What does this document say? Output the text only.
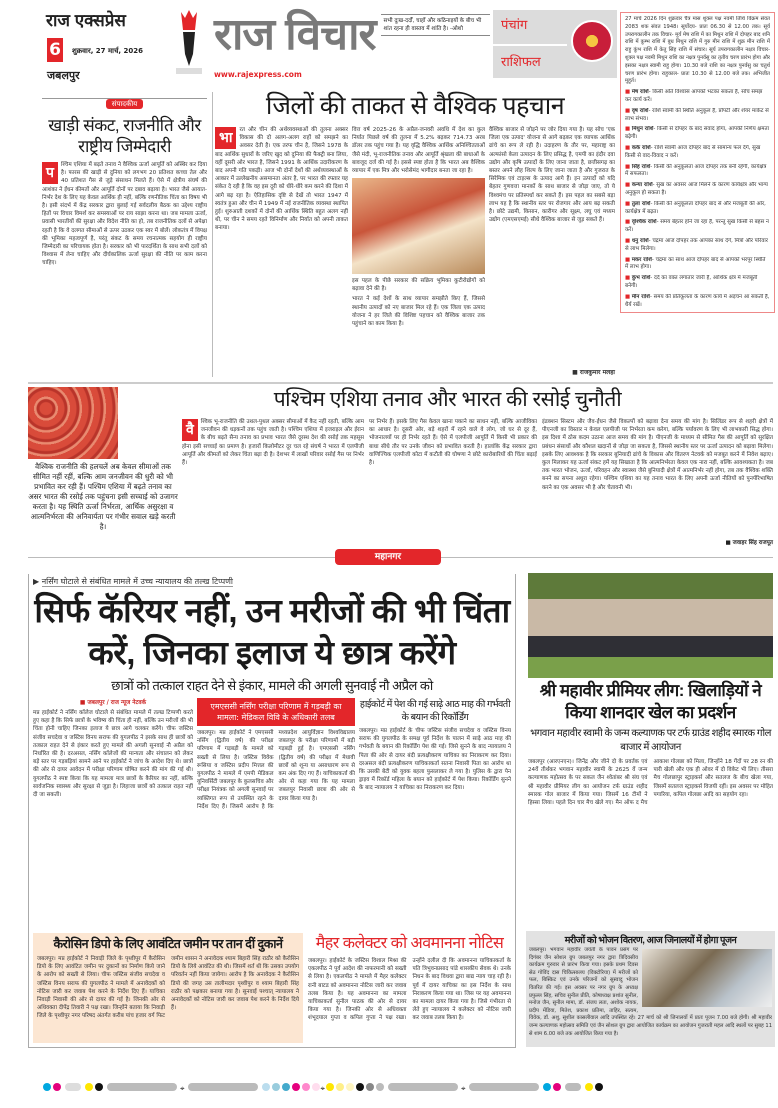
राज एक्सप्रेस
6 शुक्रवार, 27 मार्च, 2026
जबलपुर
राज विचार
www.rajexpress.com
सभी दुःख-दर्दों, चाहों और कठिनाइयों के बीच भी शांत रहना ही वास्तव में शांति है। -ओशो	पंचांग
राशिफल
27 मार्च 2026 दिन शुक्रवार चैत्र मास शुक्ल पक्ष नवमी तिथि विक्रम संवत 2083 शक संवत 1948। सूर्योदय- प्रातः 06.30 से 12.00 तक। सूर्य उपरागकालीन तक विचार- मूर्य मेष राशि में का मिथुन राशि में दोपहर बाद शनि राशि में कुम्भ राशि में बुध मिथुन राशि में गुरु मीन राशि में शुक्र मीन राशि में राहु कुंभ राशि में केतु सिंह राशि में संचार। सूर्य उपरागकालीन नक्षत्र विचार- शुक्ल पक्ष नवमी मिथुन राशि का नक्षत्र पुनर्वसु का तृतीय चरण प्रारंभ होगा और इसका नक्षत्र स्वामी राहु होगा। 10.30 बजे राशि का नक्षत्र पुनर्वसु का चतुर्थ चरण प्रारंभ होगा। राहुकाल- प्रातः 10.30 से 12.00 बजे तक। अभिजीत मुहूर्त।
■ मेष राशि- किसी अति विश्वास आपको भटका सकता है, सोच समझ कर कार्य करें।
■ वृष राशि- राशि स्वामी की स्थिति अनुकूल है, प्रॉपर्टी और शेयर मार्केट से लाभ संभव।
■ मिथुन राशि- किसी से दोपहर के बाद संवाद होगा, आपकी निर्णय क्षमता बढ़ेगी।
■ कर्क राशि- राशि स्वामी आज दोपहर बाद से सामान्य फल देंगे, सुख किसी से वाद-विवाद न करें।
■ सिंह राशि- किसी की अनुकूलता आज दोपहर तक बनी रहेगी, कार्यक्षेत्र में सफलता।
■ कन्या राशि- सुख का अवसर आज मिलने के कारण कार्यक्षेत्र और भाग्य अनुकूल हो सकता है।
■ तुला राशि- किसी की अनुकूलता दोपहर बाद से और मजबूती की ओर, कार्यक्षेत्र में बढ़त।
■ वृश्चिक राशि- समय बेहतर होने जा रहा है, परन्तु सुख किसी से बहस न करें।
■ धनु राशि- चंद्रमा आज दोपहर तक आपका साथ देंगे, मित्रों और परिवार से लाभ मिलेगा।
■ मकर राशि- चंद्रमा का साथ आज दोपहर बाद से आपको भरपूर स्थिति में लाभ होगा।
■ कुंभ राशि- दर्द का वक्त लगातार जारी है, आर्थिक क्षेत्र में मजबूती बनेगी।
■ मीन राशि- समय की प्रतिकूलता के कारण कार्य में अड़चन आ सकती है, धैर्य रखें।
संपादकीय
खाड़ी संकट, राजनीति और राष्ट्रीय जिम्मेदारी
प	श्चिम एशिया में बढ़ते तनाव ने वैश्विक ऊर्जा आपूर्ति को अस्थिर कर दिया है। फारस की खाड़ी से दुनिया को लगभग 20 प्रतिशत कच्चा तेल और 40 प्रतिशत गैस से जुड़े संसाधन मिलते हैं। ऐसे में क्षेत्रीय संघर्ष की आशंका ने ईंधन कीमतों और आपूर्ति दोनों पर दबाव बढ़ाया है। भारत जैसे आयात-निर्भर देश के लिए यह केवल आर्थिक ही नहीं, बल्कि रणनीतिक चिंता का विषय भी है। इसी संदर्भ में केंद्र सरकार द्वारा बुलाई गई सर्वदलीय बैठक का उद्देश्य राष्ट्रीय हितों पर विचार विमर्श कर समस्याओं पर राय साझा करना था। जब मामला ऊर्जा, प्रवासी भारतीयों की सुरक्षा और विदेश नीति का हो, तब राजनीतिक दलों से अपेक्षा रहती है कि वे दलगत सीमाओं से ऊपर उठकर एक स्वर में बोलें। लोकतंत्र में विपक्ष की भूमिका महत्वपूर्ण है, परंतु संकट के समय रचनात्मक सहयोग ही राष्ट्रीय जिम्मेदारी का परिचायक होता है। सरकार को भी पारदर्शिता के साथ सभी दलों को विश्वास में लेना चाहिए और दीर्घकालिक ऊर्जा सुरक्षा की नीति पर काम करना चाहिए।
जिलों की ताकत से वैश्विक पहचान
भा	रत और चीन की अर्थव्यवस्थाओं की तुलना अक्सर विकास की दो अलग-अलग राहों को समझने का अवसर देती है। एक तरफ चीन है, जिसने 1978 के बाद आर्थिक सुधारों के जरिए खुद को दुनिया की फैक्ट्री बना लिया, वहीं दूसरी ओर भारत है, जिसने 1991 के आर्थिक उदारीकरण के बाद अपनी गति पकड़ी। आज भी दोनों देशों की अर्थव्यवस्थाओं के आकार में उल्लेखनीय असमानता अंतर है, पर भारत की रफ्तार यह संकेत दे रही है कि वह इस दूरी को धीरे-धीरे कम करने की दिशा में आगे बढ़ रहा है। ऐतिहासिक दृष्टि से देखें तो भारत 1947 में स्वतंत्र हुआ और चीन में 1949 में नई राजनीतिक व्यवस्था स्थापित हुई। शुरुआती दशकों में दोनों की आर्थिक स्थिति बहुत अलग नहीं थी, पर चीन ने समय रहते विनिर्माण और निर्यात को अपनी ताकत बनाया।
वित्त वर्ष 2025-26 के अप्रैल-जनवरी अवधि में देश का कुल निर्यात पिछले वर्ष की तुलना में 5.2% बढ़कर 714.73 अरब डॉलर तक पहुंच गया है। यह वृद्धि वैश्विक आर्थिक अनिश्चितताओं जैसे मंदी, भू-राजनीतिक तनाव और आपूर्ति श्रृंखला की बाधाओं के बावजूद दर्ज की गई है। इससे स्पष्ट होता है कि भारत अब वैश्विक व्यापार में एक मित्र और भरोसेमंद भागीदार बनता जा रहा है।
इस पहल के पीछे सरकार की सक्रिय भूमिका कुटीरोद्योगों को बढ़ावा देने की है।
भारत ने कई देशों के साथ व्यापार समझौते किए हैं, जिससे स्थानीय उत्पादों को नए बाजार मिल रहे हैं। एक जिला एक उत्पाद योजना ने हर जिले की विशिष्ट पहचान को वैश्विक बाजार तक पहुंचाने का काम किया है।
वैश्विक बाजार से जोड़ने पर जोर दिया गया है। यह सोच 'एक जिला एक उत्पाद' योजना से आगे बढ़कर एक व्यापक आर्थिक ढांचे का रूप ले रही है। उदाहरण के तौर पर, महाराष्ट्र का अल्फांसो केला उत्पादन के लिए प्रसिद्ध है, एमपी का इंदौर दवा उद्योग और कृषि उत्पादों के लिए जाना जाता है, छत्तीसगढ़ का बस्तर अपने लौह शिल्प के लिए जाना जाता है और गुजरात के सिरेमिक एवं टाइल्स के उत्पाद आगे हैं। इन उत्पादों को यदि बेहतर गुणवत्ता मानकों के साथ बाजार से जोड़ा जाए, तो ये विश्वमंच पर प्रतिस्पर्धा कर सकते हैं। इस पहल का सबसे बड़ा लाभ यह है कि स्थानीय स्तर पर रोजगार और आय बढ़ सकती है। छोटे उद्यमी, किसान, कारीगर और सूक्ष्म, लघु एवं मध्यम उद्योग (एमएसएमई) सीधे वैश्विक बाजार से जुड़ सकते हैं।
■ राजकुमार मलहा
वैश्विक राजनीति की हलचलें अब केवल सीमाओं तक सीमित नहीं रहीं, बल्कि आम जनजीवन की धुरी को भी प्रभावित कर रही हैं। पश्चिम एशिया में बढ़ते तनाव का असर भारत की रसोई तक पहुंचना इसी सच्चाई को उजागर करता है। यह स्थिति ऊर्जा निर्भरता, आर्थिक असुरक्षा व आत्मनिर्भरता की अनिवार्यता पर गंभीर सवाल खड़े करती है।
पश्चिम एशिया तनाव और भारत की रसोई चुनौती
वै	श्विक भू-राजनीति की उथल-पुथल अक्सर सीमाओं में कैद नहीं रहती, बल्कि आम जनजीवन की धड़कनों तक पहुंच जाती है। पश्चिम एशिया में इजराइल और ईरान के बीच बढ़ते सैन्य तनाव का प्रभाव भारत जैसे दूरस्थ देश की रसोई तक महसूस होना इसी सच्चाई का प्रमाण है। हजारों किलोमीटर दूर चल रहे संघर्ष ने भारत में एलपीजी आपूर्ति और कीमतों को लेकर चिंता बढ़ा दी है। देशभर में लाखों परिवार रसोई गैस पर निर्भर हैं।
पर निर्भर हैं। इसके लिए गैस केवल खाना पकाने का साधन नहीं, बल्कि आजीविका का आधार है। दूसरी ओर, बड़े शहरों में रहने वाले वे लोग, जो घर से दूर हैं, भोजनालयों पर ही निर्भर रहते हैं। ऐसे में एलपीजी आपूर्ति में किसी भी प्रकार की बाधा सीधे तौर पर उनके जीवन को प्रभावित करती है। हालांकि केंद्र सरकार द्वारा वाणिज्यिक एलपीजी कोटा में कटौती की घोषणा ने छोटे कारोबारियों की चिंता बढ़ाई है।
इंडक्शन सिस्टम और जैव-ईंधन जैसे विकल्पों को बढ़ावा देना समय की मांग है। सिलिंडर रूप से शहरी क्षेत्रों में पीएनजी का विस्तार न केवल एलपीजी पर निर्भरता कम करेगा, बल्कि पर्यावरण के लिए भी लाभकारी सिद्ध होगा। इस दिशा में ठोस कदम उठाना आज समय की मांग है। पीएनजी के माध्यम से सीमित गैस की आपूर्ति को सुरक्षित प्रबंधन संसाधों और कौशल खदानों से जोड़ा जा सकता है, जिससे स्थानीय स्तर पर ऊर्जा उत्पादन को बढ़ावा मिलेगा। इसके लिए आवश्यक है कि सरकार बुनियादी ढांचे के विकास और वितरण नेटवर्क को मजबूत करने में निवेश बढ़ाए। कुल मिलाकर यह ऊर्जा संकट हमें यह सिखाता है कि आत्मनिर्भरता केवल एक नारा नहीं, बल्कि आवश्यकता है। जब तक भारत भोजन, ऊर्जा, परिवहन और स्वास्थ्य जैसे बुनियादी क्षेत्रों में आत्मनिर्भर नहीं होगा, तब तक वैश्विक शक्ति बनने का सपना अधूरा रहेगा। पश्चिम एशिया का यह तनाव भारत के लिए अपनी ऊर्जा नीतियों को पुनर्परिभाषित करने का एक अवसर भी है और चेतावनी भी।
■ जवाहर सिंह राजपूत
महानगर
▶ नर्सिंग घोटाले से संबंधित मामले में उच्च न्यायालय की तल्ख टिप्पणी
सिर्फ कॅरियर नहीं, उन मरीजों की भी चिंता करें, जिनका इलाज ये छात्र करेंगे
छात्रों को तत्काल राहत देने से इंकार, मामले की अगली सुनवाई नौ अप्रैल को
■ जबलपुर / राज न्यूज नेटवर्क
मप्र हाईकोर्ट ने नर्सिंग कॉलेज घोटाले से संबंधित मामले में तल्ख टिप्पणी करते हुए कहा है कि सिर्फ छात्रों के भविष्य की चिंता ही नहीं, बल्कि उन मरीजों की भी चिंता होनी चाहिए जिनका इलाज ये छात्र आगे चलकर करेंगे। चीफ जस्टिस संजीव सचदेवा व जस्टिस विनय सराफ की युगलपीठ ने इसके साथ ही छात्रों को तत्काल राहत देने से इंकार करते हुए मामले की अगली सुनवाई नौ अप्रैल को निर्धारित की है। दरअसल, नर्सिंग कॉलेजों की मान्यता और संचालन को लेकर बड़े स्तर पर गड़बड़ियां सामने आने पर हाईकोर्ट ने जांच के आदेश दिए थे। छात्रों की ओर से दायर आवेदन में परीक्षा परिणाम घोषित करने की मांग की गई थी। युगलपीठ ने स्पष्ट किया कि यह मामला मात्र छात्रों के कैरियर का नहीं, बल्कि सार्वजनिक स्वास्थ्य और सुरक्षा से जुड़ा है। लिहाजा छात्रों को तत्काल राहत नहीं दी जा सकती।
एमएससी नर्सिंग परीक्षा परिणाम में गड़बड़ी का मामला: मेडिकल विवि के अधिकारी तलब
जबलपुर। मप्र हाईकोर्ट ने एमएससी नर्सिंग (द्वितीय वर्ष) की परीक्षा परिणाम में गड़बड़ी के मामले को सख्ती से लिया है। जस्टिस विवेक रूसिया व जस्टिस प्रदीप मित्तल की युगलपीठ ने मामले में एमपी मेडिकल यूनिवर्सिटी जबलपुर के कुलसचिव और परीक्षा नियंत्रक को अगली सुनवाई पर व्यक्तिगत रूप से उपस्थित रहने के निर्देश दिए हैं। जिसमें आरोप है कि मध्यप्रदेश आयुर्विज्ञान विश्वविद्यालय जबलपुर के परीक्षा परिणामों में बड़ी गड़बड़ी हुई है। एमएससी नर्सिंग (द्वितीय वर्ष) की परीक्षा में मेधावी छात्रों को शून्य या असाधारण रूप से कम अंक दिए गए हैं। याचिकाकर्ता की ओर से कहा गया कि यह मामला जबलपुर निवासी छात्रा की ओर से दायर किया गया है।
हाईकोर्ट में पेश की गई साढ़े आठ माह की गर्भवती के बयान की रिकॉर्डिंग
जबलपुर। मप्र हाईकोर्ट के चीफ जस्टिस संजीव सचदेवा व जस्टिस विनय सराफ की युगलपीठ के समक्ष पूर्व निर्देश के पालन में साढ़े आठ माह की गर्भवती के बयान की रिकॉर्डिंग पेश की गई। जिसे सुनने के बाद न्यायालय ने पिता की ओर से दायर बंदी प्रत्यक्षीकरण याचिका का निराकरण कर दिया। दरअसल बंदी प्रत्यक्षीकरण याचिकाकर्ता सतना निवासी पिता का आरोप था कि उसकी बेटी को युवक बहला फुसलाकर ले गया है। पुलिस के द्वारा पेन ड्राइव में रिकॉर्ड महिला के बयान को हाईकोर्ट में पेश किया। रिकॉर्डिंग सुनने के बाद न्यायालय ने याचिका का निराकरण कर दिया।
कैरोसिन डिपो के लिए आवंटित जमीन पर तान दीं दुकानें
जबलपुर। मप्र हाईकोर्ट ने निवाड़ी जिले के पृथ्वीपुर में कैरोसिन डिपो के लिए आवंटित जमीन पर दुकानों का निर्माण किये जाने के आरोप को सख्ती से लिया। चीफ जस्टिस संजीव सचदेवा व जस्टिस विनय सराफ की युगलपीठ ने मामले में अनावेदकों को नोटिस जारी कर जवाब पेश करने के निर्देश दिए हैं। याचिका निवाड़ी निवासी की ओर से दायर की गई है। जिनकी ओर से अधिवक्ता दीपेंद्र तिवारी ने पक्ष रखा। जिन्होंने बताया कि निवाड़ी जिले के पृथ्वीपुर नगर परिषद अंतर्गत करीब पांच हजार वर्ग फिट जमीन शासन ने अनावेदक श्याम बिहारी सिंह राठौर को कैरोसिन डिपो के लिये आवंटित की थी। जिसमें शर्त थी कि उसका उपयोग परिवर्तन नहीं किया जायेगा। आरोप है कि अनावेदक ने कैरोसिन डिपो की जगह उस तालीमदार पृथ्वीपुर व श्याम बिहारी सिंह राठौर को पक्षकार बनाया गया है। सुनवाई पश्चात् न्यायालय ने अनावेदकों को नोटिस जारी कर जवाब पेश करने के निर्देश दिये हैं।
मैहर कलेक्टर को अवमानना नोटिस
जबलपुर। हाईकोर्ट के जस्टिस विशाल मिश्रा की एकलपीठ ने पूर्व आदेश की नाफरमानी को सख्ती से लिया है। एकलपीठ ने मामले में मैहर कलेक्टर रानी बाटड को अवमानना नोटिस जारी कर जवाब तलब किया है। यह अवमानना का मामला याचिकाकर्ता सुनील पाठक की ओर से दायर किया गया है। जिनकी ओर से अधिवक्ता शंभूदयाल गुप्ता व कपिल गुप्ता ने पक्ष रखा। उन्होंने दलील दी कि अवमानना याचिकाकर्ता के पति त्रिभुवनप्रसाद पांडे शासकीय सेवक थे। उनके निधन के बाद विधवा द्वारा बाद्य न्याय चाह रही है। पूर्व में दायर याचिका का इस निर्देश के साथ निराकरण किया गया था। जिस पर यह अवमानना का मामला दायर किया गया है। जिसे गंभीरता से लेते हुए न्यायालय ने कलेक्टर को नोटिस जारी कर जवाब तलब किया है।
श्री महावीर प्रीमियर लीग: खिलाड़ियों ने किया शानदार खेल का प्रदर्शन
भगवान महावीर स्वामी के जन्म कल्याणक पर टर्फ ग्राउंड शहीद स्मारक गोल बाजार में आयोजन
जबलपुर (आरएनएन)। जिनेंद्र और जीने दो के प्रवर्तक एवं 24वें तीर्थंकर भगवान महावीर स्वामी के 2625 वें जन्म कल्याणक महोत्सव के पर सकल जैन श्वेतांबर श्री संघ एवं श्री महावीर प्रीमियर लीग का आयोजन टर्फ ग्राउंड शहीद स्मारक गोल बाजार में किया गया। जिसमें 16 टीमों ने हिस्सा लिया। पहले दिन चार मैच खेले गए। मैन ऑफ द मैच आकाश गोलछा को मिला, जिन्होंने 18 गेंदों पर 28 रन की पारी खेली और एक ही ओवर में दो विकेट भी लिए। तीसरा मैच गोलछापुर स्ट्राइकर्स और सतलज के बीच खेला गया, जिसमें सतलज स्ट्राइकर्स विजयी रहीं। इस अवसर पर मोहित पगारिया, कपिल गोलछा आदि का सहयोग रहा।
मरीजों को भोजन वितरण, आज जिनालयों में होगा पूजन
जबलपुर। भगवान महावीर जयंती के पावन प्रसंग पर दिगंबर जैन सोशल ग्रुप जबलपुर नगर द्वारा त्रिदिवसीय कार्यक्रम गुरुवार से प्रारंभ किया गया। इसके प्रथम दिवस सेठ गोविंद दास चिकित्सालय (विक्टोरिया) में मरीजों को फल, बिस्किट एवं उनके परिजनों को सुस्वादु भोजन वितरित की गई। इस अवसर पर नगर ग्रुप के अध्यक्ष प्रफुल्ल सिंह, सचिव सुनील प्रीति, कोषाध्यक्ष प्रशांत सुनील, मनोज जैन, सुनील मामा, डॉ. संजय लता, अशोक नायक, प्रदीप मेंडिया, मितेश, प्रकाश प्रतिमा, ताहिर, सत्यम, विवेक, डॉ. अशु, सुशील कासलीवाल आदि उपस्थित रहे। 27 मार्च को श्री जिनालयों में प्रातः पूजन 7.00 बजे होगी। श्री महावीर जन्म कल्याणक महोत्सव समिति एवं जैन सोशल ग्रुप द्वारा आयोजित कार्यक्रम का आयोजन गुजराती महल आदि स्थलों पर सुबह 11 से शाम 6.00 बजे तक आयोजित किया गया है।
⌖	⌖	⌖
